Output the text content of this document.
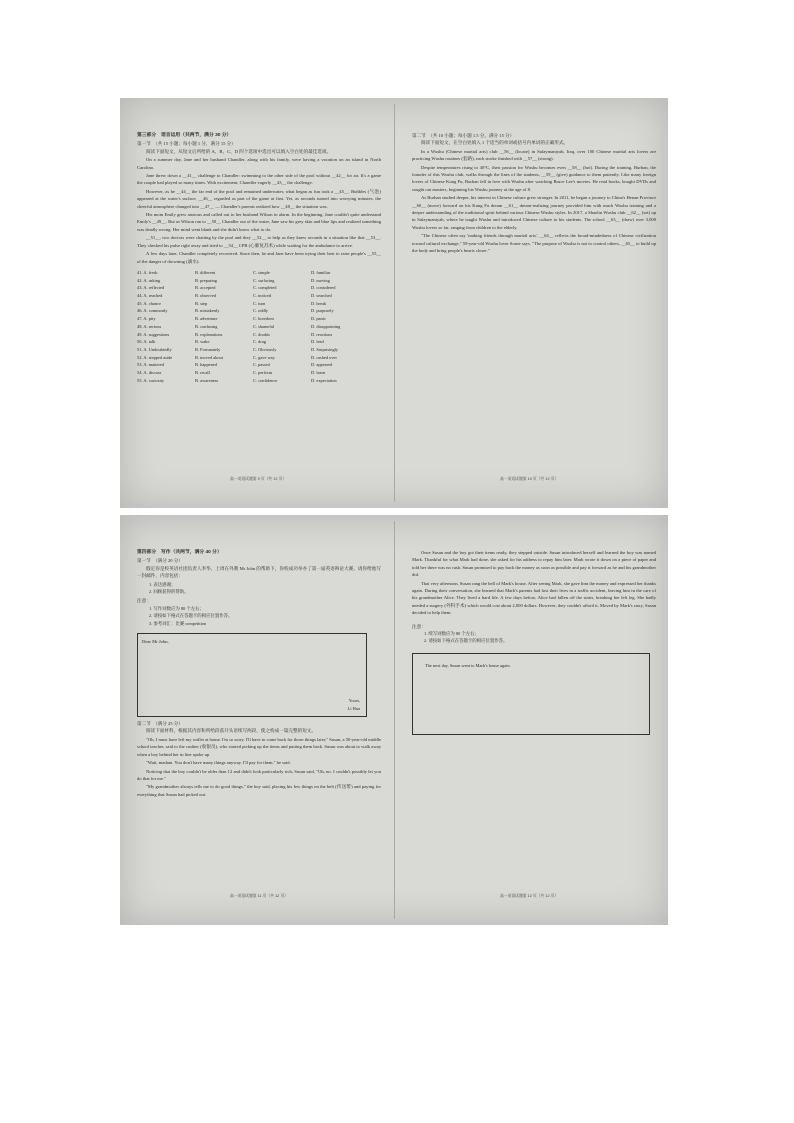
第三部分　语言运用（共两节，满分 30 分）
第一节　（共 15 小题；每小题 1 分，满分 15 分）

阅读下面短文，从短文后所给的 A、B、C、D 四个选项中选出可以填入空白处的最佳选项。

On a summer day, Jane and her husband Chandler, along with his family, were having a vacation on an island in North Carolina.

Jane threw down a __41__ challenge to Chandler: swimming to the other side of the pool without __42__ for air. It's a game the couple had played so many times. With excitement, Chandler eagerly __43__ the challenge.

However, as he __44__ the far end of the pool and remained underwater, what began as fun took a __45__. Bubbles (气泡) appeared at the water's surface, __46__ regarded as part of the game at first. Yet, as seconds turned into worrying minutes, the cheerful atmosphere changed into __47__ — Chandler's parents realized how __48__ the situation was.

His mom Emily grew anxious and called out to her husband Wilson in alarm. In the beginning, Jane couldn't quite understand Emily's __49__. But as Wilson ran to __50__ Chandler out of the water, Jane saw his grey skin and blue lips and realized something was deadly wrong. Her mind went blank and she didn't know what to do.

__51__, two doctors were chatting by the pool and they __52__ to help as they knew seconds in a situation like that __53__. They checked his pulse right away and tried to __54__ CPR (心肺复苏术) while waiting for the ambulance to arrive.

A few days later, Chandler completely recovered. Since then, he and Jane have been trying their best to raise people's __55__ of the danger of drowning (溺水).

41. A. fresh	B. different	C. simple	D. familiar
42. A. asking	B. preparing	C. surfacing	D. moving
43. A. reflected	B. accepted	C. completed	D. considered
44. A. reached	B. observed	C. noticed	D. searched
45. A. chance	B. step	C. turn	D. break
46. A. commonly	B. mistakenly	C. oddly	D. purposely
47. A. pity	B. adventure	C. boredom	D. panic
48. A. serious	B. confusing	C. shameful	D. disappointing
49. A. suggestions	B. explanations	C. doubts	D. reactions
50. A. talk	B. wake	C. drag	D. lead
51. A. Undoubtedly	B. Fortunately	C. Obviously	D. Surprisingly
52. A. stepped aside	B. moved about	C. gave way	D. rushed over
53. A. mattered	B. happened	C. passed	D. appeared
54. A. discuss	B. recall	C. perform	D. learn
55. A. curiosity	B. awareness	C. confidence	D. expectation
高一英语试题第 9 页（共 12 页）
第二节　（共 10 小题；每小题 1.5 分，满分 15 分）

阅读下面短文，在空白处填入 1 个适当的单词或括号内单词的正确形式。

In a Wushu (Chinese martial arts) club __56__ (locate) in Sulaymaniyah, Iraq, over 100 Chinese martial arts lovers are practicing Wushu routines (套路), each stroke finished with __57__ (strong).

Despite temperatures rising to 40°C, their passion for Wushu becomes even __58__ (hot). During the training, Burhan, the founder of this Wushu club, walks through the lines of the students, __59__ (give) guidance to them patiently. Like many foreign lovers of Chinese Kung Fu, Burhan fell in love with Wushu after watching Bruce Lee's movies. He read books, bought DVDs and sought out masters, beginning his Wushu journey at the age of 8.

As Burhan studied deeper, his interest in Chinese culture grew stronger. In 2011, he began a journey to China's Henan Province __60__ (move) forward on his Kung Fu dream __61__ dream-realizing journey provided him with much Wushu training and a deeper understanding of the traditional spirit behind various Chinese Wushu styles. In 2017, a Shaolin Wushu club __62__ (set) up in Sulaymaniyah, where he taught Wushu and introduced Chinese culture to his students. The school __63__ (draw) over 3,000 Wushu lovers so far, ranging from children to the elderly.

"The Chinese often say 'making friends through martial arts', __64__ reflects the broad-mindedness of Chinese civilization toward cultural exchange," 59-year-old Wushu lover Sorne says. "The purpose of Wushu is not to control others, __65__ to build up the body and bring people's hearts closer."

高一英语试题第 10 页（共 12 页）
第四部分　写作（共两节，满分 40 分）
第一节　（满分 20 分）

假定你是校英语社团负责人李华，上周在外教 Mr John 的帮助下，你校成功举办了第一届英语辩论大赛。请你给他写一封邮件，内容包括：

1. 表达感谢；
2. 回顾获得的帮助。
注意：
1. 写作词数应为 80 个左右；
2. 请按如下格式在答题卡的相应位置作答。
3. 参考词汇：比赛 competition
Dear Mr John,
Yours,
Li Hua
第二节　（满分 25 分）

阅读下面材料，根据其内容和所给段落开头语续写两段，使之构成一篇完整的短文。

"Oh, I must have left my wallet at home. I'm so sorry. I'll have to come back for those things later," Susan, a 50-year-old middle school teacher, said to the cashier (收银员), who started picking up the items and putting them back. Susan was about to walk away when a boy behind her in line spoke up.

"Wait, madam. You don't have many things anyway. I'll pay for them," he said.

Noticing that the boy couldn't be older than 12 and didn't look particularly rich, Susan said, "Oh, no. I couldn't possibly let you do that for me."

"My grandmother always tells me to do good things," the boy said, placing his few things on the belt (传送带) and paying for everything that Susan had picked out.

高一英语试题第 11 页（共 12 页）

Once Susan and the boy got their items ready, they stepped outside. Susan introduced herself and learned the boy was named Mark. Thankful for what Mark had done, she asked for his address to repay him later. Mark wrote it down on a piece of paper and told her there was no rush. Susan promised to pay back the money as soon as possible and pay it forward as he and his grandmother did.

That very afternoon, Susan rang the bell of Mark's house. After seeing Mark, she gave him the money and expressed her thanks again. During their conversation, she learned that Mark's parents had lost their lives in a traffic accident, leaving him in the care of his grandmother Alice. They lived a hard life. A few days before, Alice had fallen off the stairs, breaking her left leg. She badly needed a surgery (外科手术) which would cost about 2,000 dollars. However, they couldn't afford it. Moved by Mark's story, Susan decided to help them.

注意：
1. 续写词数应为 80 个左右；
2. 请按如下格式在答题卡的相应位置作答。
The next day, Susan went to Mark's house again.
高一英语试题第 12 页（共 12 页）
